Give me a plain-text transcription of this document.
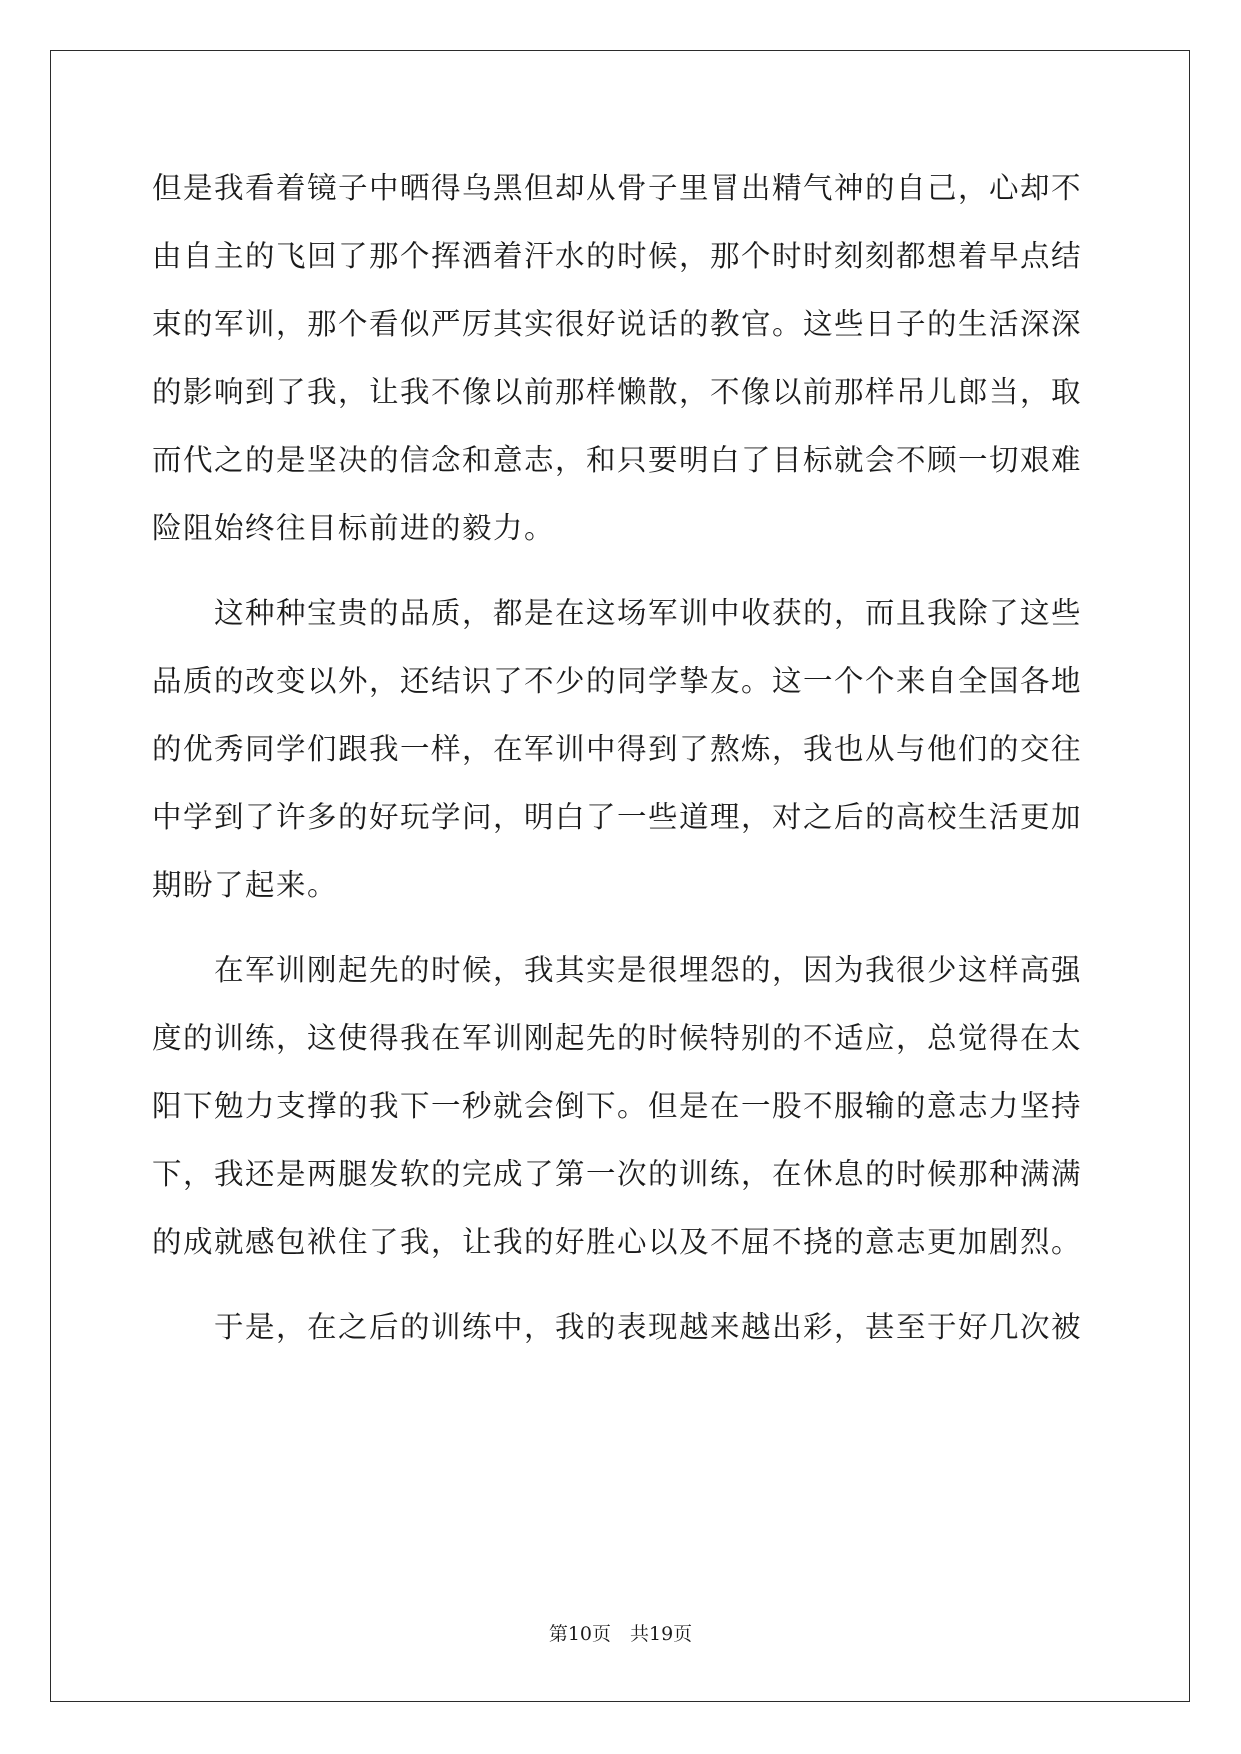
但是我看着镜子中晒得乌黑但却从骨子里冒出精气神的自己，心却不
由自主的飞回了那个挥洒着汗水的时候，那个时时刻刻都想着早点结
束的军训，那个看似严厉其实很好说话的教官。这些日子的生活深深
的影响到了我，让我不像以前那样懒散，不像以前那样吊儿郎当，取
而代之的是坚决的信念和意志，和只要明白了目标就会不顾一切艰难
险阻始终往目标前进的毅力。
这种种宝贵的品质，都是在这场军训中收获的，而且我除了这些
品质的改变以外，还结识了不少的同学挚友。这一个个来自全国各地
的优秀同学们跟我一样，在军训中得到了熬炼，我也从与他们的交往
中学到了许多的好玩学问，明白了一些道理，对之后的高校生活更加
期盼了起来。
在军训刚起先的时候，我其实是很埋怨的，因为我很少这样高强
度的训练，这使得我在军训刚起先的时候特别的不适应，总觉得在太
阳下勉力支撑的我下一秒就会倒下。但是在一股不服输的意志力坚持
下，我还是两腿发软的完成了第一次的训练，在休息的时候那种满满
的成就感包袱住了我，让我的好胜心以及不屈不挠的意志更加剧烈。
于是，在之后的训练中，我的表现越来越出彩，甚至于好几次被
第10页　共19页
